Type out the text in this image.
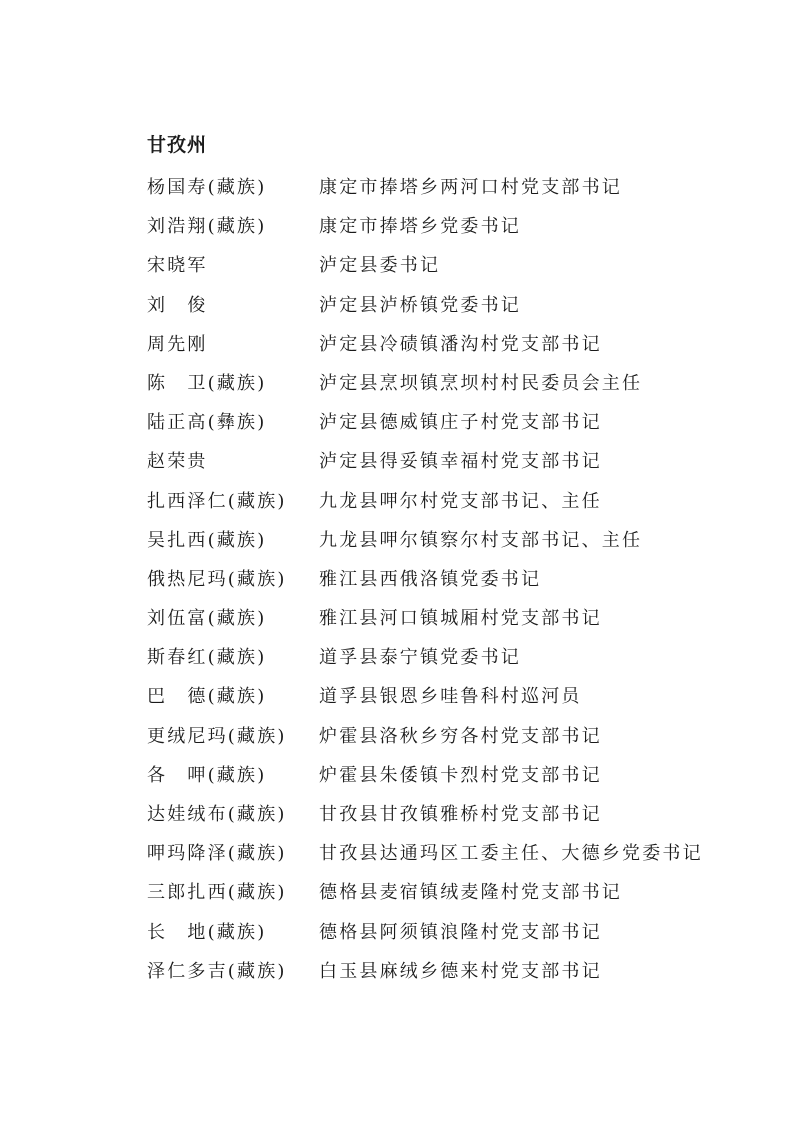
甘孜州
杨国寿(藏族)	康定市捧塔乡两河口村党支部书记
刘浩翔(藏族)	康定市捧塔乡党委书记
宋晓军	泸定县委书记
刘　俊	泸定县泸桥镇党委书记
周先刚	泸定县冷碛镇潘沟村党支部书记
陈　卫(藏族)	泸定县烹坝镇烹坝村村民委员会主任
陆正高(彝族)	泸定县德威镇庄子村党支部书记
赵荣贵	泸定县得妥镇幸福村党支部书记
扎西泽仁(藏族) 九龙县呷尔村党支部书记、主任
吴扎西(藏族)	九龙县呷尔镇察尔村支部书记、主任
俄热尼玛(藏族) 雅江县西俄洛镇党委书记
刘伍富(藏族)	雅江县河口镇城厢村党支部书记
斯春红(藏族)	道孚县泰宁镇党委书记
巴　德(藏族)	道孚县银恩乡哇鲁科村巡河员
更绒尼玛(藏族) 炉霍县洛秋乡穷各村党支部书记
各　呷(藏族)	炉霍县朱倭镇卡烈村党支部书记
达娃绒布(藏族) 甘孜县甘孜镇雅桥村党支部书记
呷玛降泽(藏族) 甘孜县达通玛区工委主任、大德乡党委书记
三郎扎西(藏族) 德格县麦宿镇绒麦隆村党支部书记
长　地(藏族)	德格县阿须镇浪隆村党支部书记
泽仁多吉(藏族) 白玉县麻绒乡德来村党支部书记
